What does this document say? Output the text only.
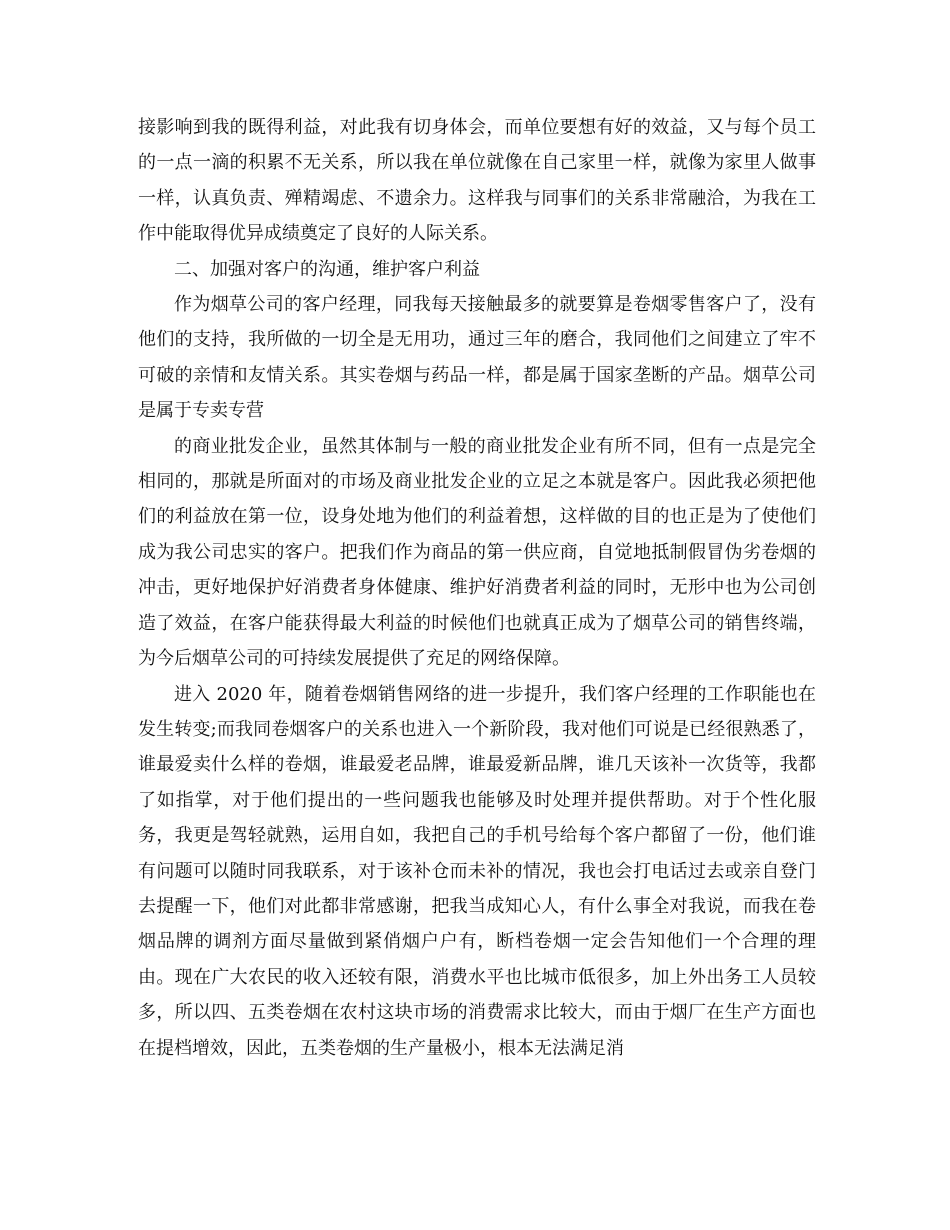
接影响到我的既得利益，对此我有切身体会，而单位要想有好的效益，又与每个员工的一点一滴的积累不无关系，所以我在单位就像在自己家里一样，就像为家里人做事一样，认真负责、殚精竭虑、不遗余力。这样我与同事们的关系非常融洽，为我在工作中能取得优异成绩奠定了良好的人际关系。

二、加强对客户的沟通，维护客户利益

作为烟草公司的客户经理，同我每天接触最多的就要算是卷烟零售客户了，没有他们的支持，我所做的一切全是无用功，通过三年的磨合，我同他们之间建立了牢不可破的亲情和友情关系。其实卷烟与药品一样，都是属于国家垄断的产品。烟草公司是属于专卖专营

的商业批发企业，虽然其体制与一般的商业批发企业有所不同，但有一点是完全相同的，那就是所面对的市场及商业批发企业的立足之本就是客户。因此我必须把他们的利益放在第一位，设身处地为他们的利益着想，这样做的目的也正是为了使他们成为我公司忠实的客户。把我们作为商品的第一供应商，自觉地抵制假冒伪劣卷烟的冲击，更好地保护好消费者身体健康、维护好消费者利益的同时，无形中也为公司创造了效益，在客户能获得最大利益的时候他们也就真正成为了烟草公司的销售终端，为今后烟草公司的可持续发展提供了充足的网络保障。

进入 2020 年，随着卷烟销售网络的进一步提升，我们客户经理的工作职能也在发生转变;而我同卷烟客户的关系也进入一个新阶段，我对他们可说是已经很熟悉了，谁最爱卖什么样的卷烟，谁最爱老品牌，谁最爱新品牌，谁几天该补一次货等，我都了如指掌，对于他们提出的一些问题我也能够及时处理并提供帮助。对于个性化服务，我更是驾轻就熟，运用自如，我把自己的手机号给每个客户都留了一份，他们谁有问题可以随时同我联系，对于该补仓而未补的情况，我也会打电话过去或亲自登门去提醒一下，他们对此都非常感谢，把我当成知心人，有什么事全对我说，而我在卷烟品牌的调剂方面尽量做到紧俏烟户户有，断档卷烟一定会告知他们一个合理的理由。现在广大农民的收入还较有限，消费水平也比城市低很多，加上外出务工人员较多，所以四、五类卷烟在农村这块市场的消费需求比较大，而由于烟厂在生产方面也在提档增效，因此，五类卷烟的生产量极小，根本无法满足消
